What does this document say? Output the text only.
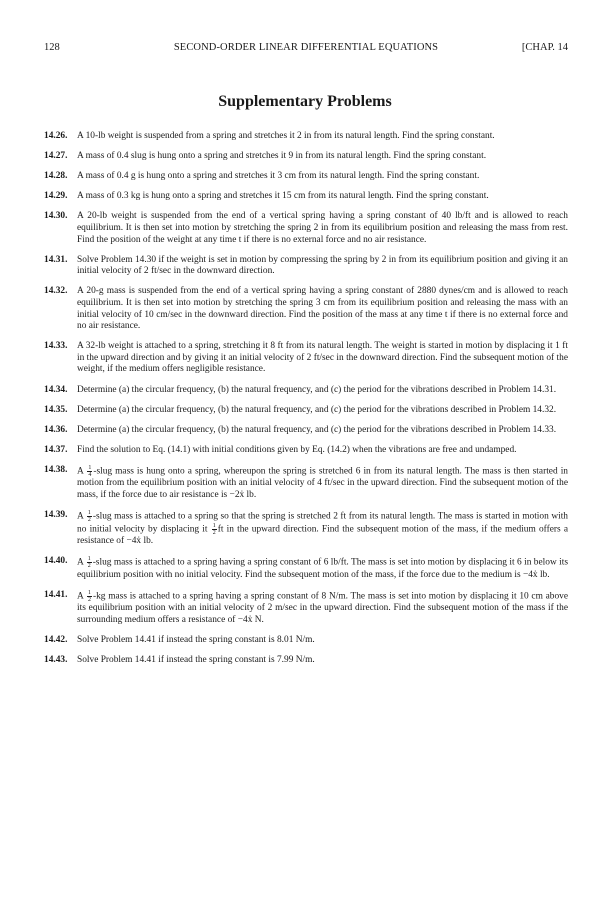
128	SECOND-ORDER LINEAR DIFFERENTIAL EQUATIONS	[CHAP. 14
Supplementary Problems
14.26.	A 10-lb weight is suspended from a spring and stretches it 2 in from its natural length. Find the spring constant.
14.27.	A mass of 0.4 slug is hung onto a spring and stretches it 9 in from its natural length. Find the spring constant.
14.28.	A mass of 0.4 g is hung onto a spring and stretches it 3 cm from its natural length. Find the spring constant.
14.29.	A mass of 0.3 kg is hung onto a spring and stretches it 15 cm from its natural length. Find the spring constant.
14.30.	A 20-lb weight is suspended from the end of a vertical spring having a spring constant of 40 lb/ft and is allowed to reach equilibrium. It is then set into motion by stretching the spring 2 in from its equilibrium position and releasing the mass from rest. Find the position of the weight at any time t if there is no external force and no air resistance.
14.31.	Solve Problem 14.30 if the weight is set in motion by compressing the spring by 2 in from its equilibrium position and giving it an initial velocity of 2 ft/sec in the downward direction.
14.32.	A 20-g mass is suspended from the end of a vertical spring having a spring constant of 2880 dynes/cm and is allowed to reach equilibrium. It is then set into motion by stretching the spring 3 cm from its equilibrium position and releasing the mass with an initial velocity of 10 cm/sec in the downward direction. Find the position of the mass at any time t if there is no external force and no air resistance.
14.33.	A 32-lb weight is attached to a spring, stretching it 8 ft from its natural length. The weight is started in motion by displacing it 1 ft in the upward direction and by giving it an initial velocity of 2 ft/sec in the downward direction. Find the subsequent motion of the weight, if the medium offers negligible resistance.
14.34.	Determine (a) the circular frequency, (b) the natural frequency, and (c) the period for the vibrations described in Problem 14.31.
14.35.	Determine (a) the circular frequency, (b) the natural frequency, and (c) the period for the vibrations described in Problem 14.32.
14.36.	Determine (a) the circular frequency, (b) the natural frequency, and (c) the period for the vibrations described in Problem 14.33.
14.37.	Find the solution to Eq. (14.1) with initial conditions given by Eq. (14.2) when the vibrations are free and undamped.
14.38.	A $\frac{1}{4}$ -slug mass is hung onto a spring, whereupon the spring is stretched 6 in from its natural length. The mass is then started in motion from the equilibrium position with an initial velocity of 4 ft/sec in the upward direction. Find the subsequent motion of the mass, if the force due to air resistance is −2ẋ lb.
14.39.	A $\frac{1}{2}$ -slug mass is attached to a spring so that the spring is stretched 2 ft from its natural length. The mass is started in motion with no initial velocity by displacing it $\frac{1}{2}$ ft in the upward direction. Find the subsequent motion of the mass, if the medium offers a resistance of −4ẋ lb.
14.40.	A $\frac{1}{2}$ -slug mass is attached to a spring having a spring constant of 6 lb/ft. The mass is set into motion by displacing it 6 in below its equilibrium position with no initial velocity. Find the subsequent motion of the mass, if the force due to the medium is −4ẋ lb.
14.41.	A $\frac{1}{2} -kg$ mass is attached to a spring having a spring constant of 8 N/m. The mass is set into motion by displacing it 10 cm above its equilibrium position with an initial velocity of 2 m/sec in the upward direction. Find the subsequent motion of the mass if the surrounding medium offers a resistance of −4ẋ N.
14.42.	Solve Problem 14.41 if instead the spring constant is 8.01 N/m.
14.43.	Solve Problem 14.41 if instead the spring constant is 7.99 N/m.
